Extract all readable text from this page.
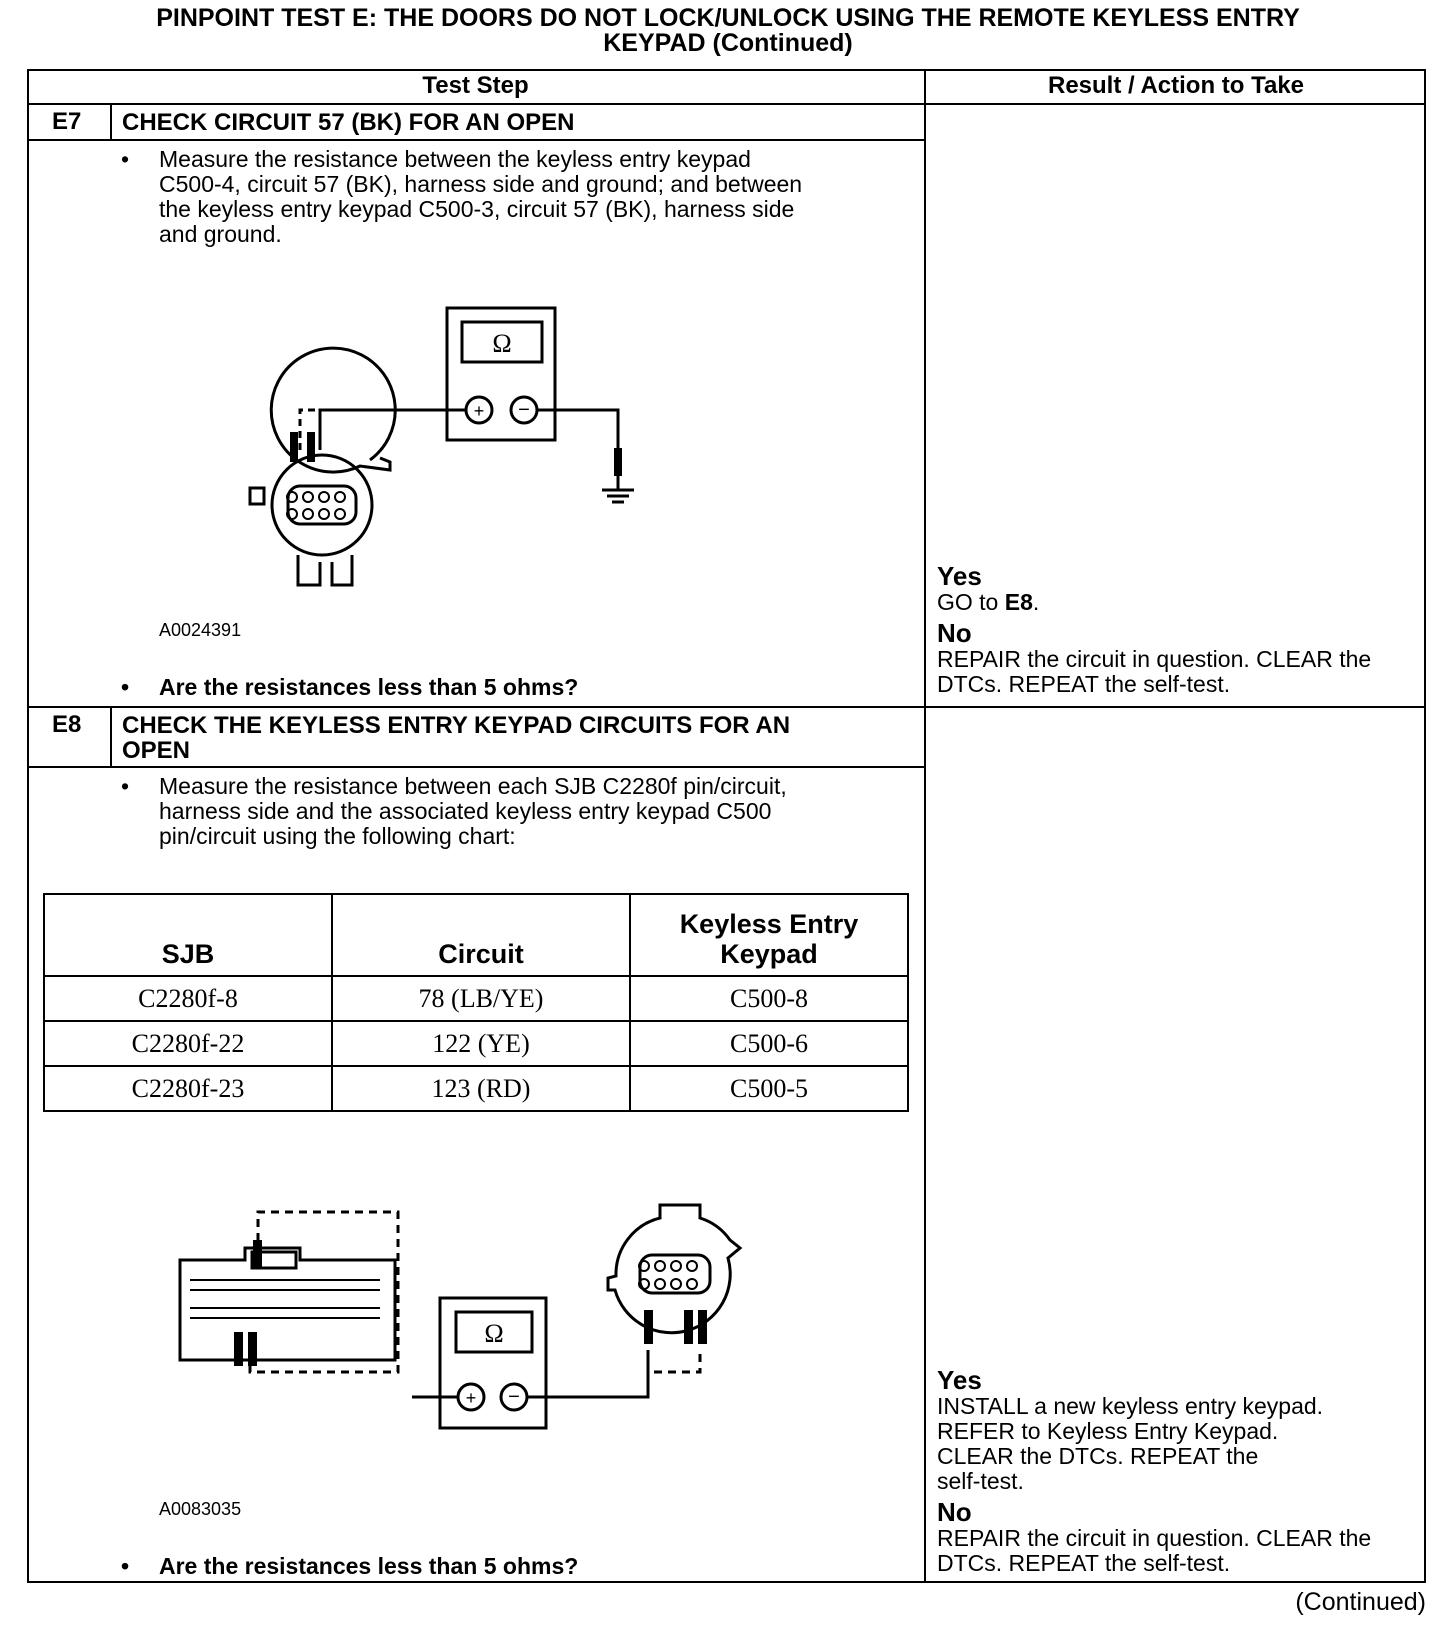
PINPOINT TEST E: THE DOORS DO NOT LOCK/UNLOCK USING THE REMOTE KEYLESS ENTRY
KEYPAD (Continued)
Test Step	Result / Action to Take
E7 CHECK CIRCUIT 57 (BK) FOR AN OPEN
• Measure the resistance between the keyless entry keypad
C500-4, circuit 57 (BK), harness side and ground; and between
the keyless entry keypad C500-3, circuit 57 (BK), harness side
and ground.
Ω
+ −
A0024391
• Are the resistances less than 5 ohms?
Yes
GO to E8.
No
REPAIR the circuit in question. CLEAR the
DTCs. REPEAT the self-test.
E8 CHECK THE KEYLESS ENTRY KEYPAD CIRCUITS FOR AN
OPEN
• Measure the resistance between each SJB C2280f pin/circuit,
harness side and the associated keyless entry keypad C500
pin/circuit using the following chart:
SJB	Circuit	Keyless Entry
Keypad

C2280f-8	78 (LB/YE)	C500-8
C2280f-22	122 (YE)	C500-6
C2280f-23	123 (RD)	C500-5
Ω
+ −
A0083035
• Are the resistances less than 5 ohms?
Yes
INSTALL a new keyless entry keypad.
REFER to Keyless Entry Keypad.
CLEAR the DTCs. REPEAT the
self-test.
No
REPAIR the circuit in question. CLEAR the
DTCs. REPEAT the self-test.
(Continued)
